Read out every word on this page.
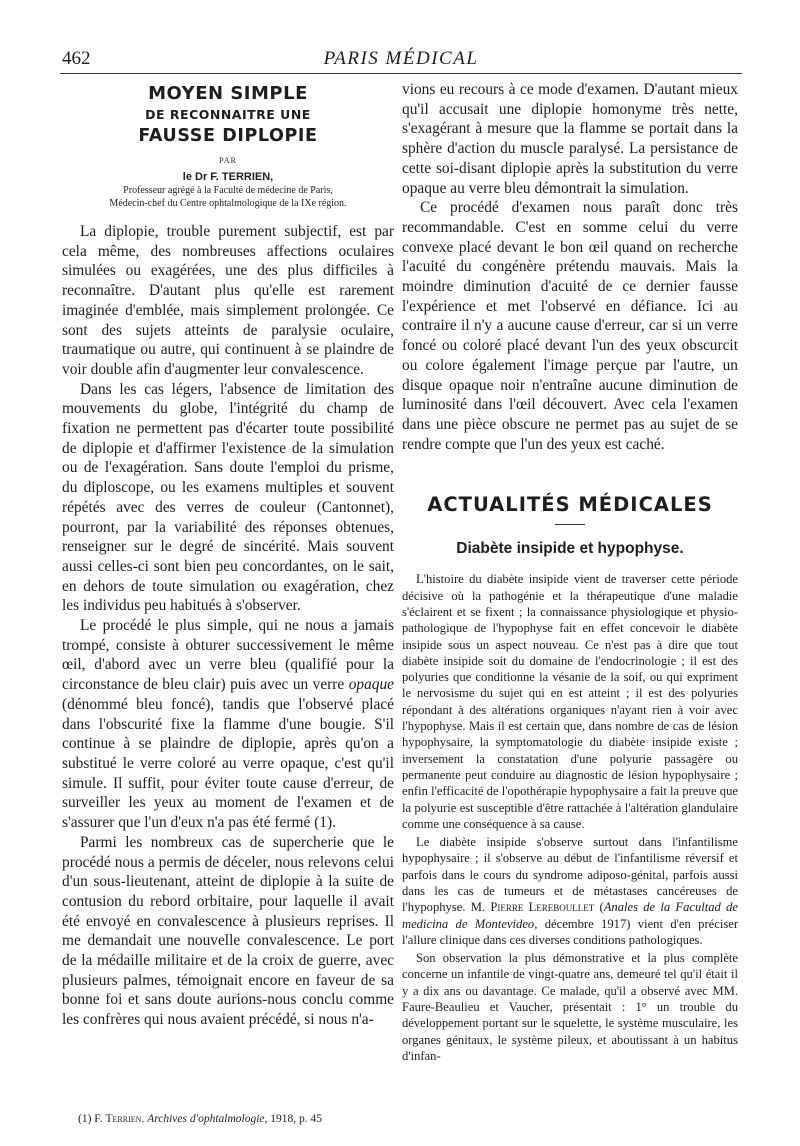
462	PARIS MÉDICAL
MOYEN SIMPLE
DE RECONNAITRE UNE
FAUSSE DIPLOPIE
PAR
le Dr F. TERRIEN,
Professeur agrégé à la Faculté de médecine de Paris,
Médecin-chef du Centre ophtalmologique de la IXe région.

La diplopie, trouble purement subjectif, est par cela même, des nombreuses affections oculaires simulées ou exagérées, une des plus difficiles à reconnaître. D'autant plus qu'elle est rarement imaginée d'emblée, mais simplement prolongée. Ce sont des sujets atteints de paralysie oculaire, traumatique ou autre, qui continuent à se plaindre de voir double afin d'augmenter leur convalescence.

Dans les cas légers, l'absence de limitation des mouvements du globe, l'intégrité du champ de fixation ne permettent pas d'écarter toute possibilité de diplopie et d'affirmer l'existence de la simulation ou de l'exagération. Sans doute l'emploi du prisme, du diploscope, ou les examens multiples et souvent répétés avec des verres de couleur (Cantonnet), pourront, par la variabilité des réponses obtenues, renseigner sur le degré de sincérité. Mais souvent aussi celles-ci sont bien peu concordantes, on le sait, en dehors de toute simulation ou exagération, chez les individus peu habitués à s'observer.

Le procédé le plus simple, qui ne nous a jamais trompé, consiste à obturer successivement le même œil, d'abord avec un verre bleu (qualifié pour la circonstance de bleu clair) puis avec un verre opaque (dénommé bleu foncé), tandis que l'observé placé dans l'obscurité fixe la flamme d'une bougie. S'il continue à se plaindre de diplopie, après qu'on a substitué le verre coloré au verre opaque, c'est qu'il simule. Il suffit, pour éviter toute cause d'erreur, de surveiller les yeux au moment de l'examen et de s'assurer que l'un d'eux n'a pas été fermé (1).

Parmi les nombreux cas de supercherie que le procédé nous a permis de déceler, nous relevons celui d'un sous-lieutenant, atteint de diplopie à la suite de contusion du rebord orbitaire, pour laquelle il avait été envoyé en convalescence à plusieurs reprises. Il me demandait une nouvelle convalescence. Le port de la médaille militaire et de la croix de guerre, avec plusieurs palmes, témoignait encore en faveur de sa bonne foi et sans doute aurions-nous conclu comme les confrères qui nous avaient précédé, si nous n'a-

(1) F. Terrien. Archives d'ophtalmologie, 1918, p. 45

vions eu recours à ce mode d'examen. D'autant mieux qu'il accusait une diplopie homonyme très nette, s'exagérant à mesure que la flamme se portait dans la sphère d'action du muscle paralysé. La persistance de cette soi-disant diplopie après la substitution du verre opaque au verre bleu démontrait la simulation.

Ce procédé d'examen nous paraît donc très recommandable. C'est en somme celui du verre convexe placé devant le bon œil quand on recherche l'acuité du congénère prétendu mauvais. Mais la moindre diminution d'acuité de ce dernier fausse l'expérience et met l'observé en défiance. Ici au contraire il n'y a aucune cause d'erreur, car si un verre foncé ou coloré placé devant l'un des yeux obscurcit ou colore également l'image perçue par l'autre, un disque opaque noir n'entraîne aucune diminution de luminosité dans l'œil découvert. Avec cela l'examen dans une pièce obscure ne permet pas au sujet de se rendre compte que l'un des yeux est caché.

ACTUALITÉS MÉDICALES
Diabète insipide et hypophyse.

L'histoire du diabète insipide vient de traverser cette période décisive où la pathogénie et la thérapeutique d'une maladie s'éclairent et se fixent ; la connaissance physiologique et physio-pathologique de l'hypophyse fait en effet concevoir le diabète insipide sous un aspect nouveau. Ce n'est pas à dire que tout diabète insipide soit du domaine de l'endocrinologie ; il est des polyuries que conditionne la vésanie de la soif, ou qui expriment le nervosisme du sujet qui en est atteint ; il est des polyuries répondant à des altérations organiques n'ayant rien à voir avec l'hypophyse. Mais il est certain que, dans nombre de cas de lésion hypophysaire, la symptomatologie du diabète insipide existe ; inversement la constatation d'une polyurie passagère ou permanente peut conduire au diagnostic de lésion hypophysaire ; enfin l'efficacité de l'opothérapie hypophysaire a fait la preuve que la polyurie est susceptible d'être rattachée à l'altération glandulaire comme une conséquence à sa cause.

Le diabète insipide s'observe surtout dans l'infantilisme hypophysaire ; il s'observe au début de l'infantilisme réversif et parfois dans le cours du syndrome adiposo-génital, parfois aussi dans les cas de tumeurs et de métastases cancéreuses de l'hypophyse. M. Pierre Lereboullet (Anales de la Facultad de medicina de Montevideo, décembre 1917) vient d'en préciser l'allure clinique dans ces diverses conditions pathologiques.

Son observation la plus démonstrative et la plus complète concerne un infantile de vingt-quatre ans, demeuré tel qu'il était il y a dix ans ou davantage. Ce malade, qu'il a observé avec MM. Faure-Beaulieu et Vaucher, présentait : 1° un trouble du développement portant sur le squelette, le système musculaire, les organes génitaux, le système pileux, et aboutissant à un habitus d'infan-
